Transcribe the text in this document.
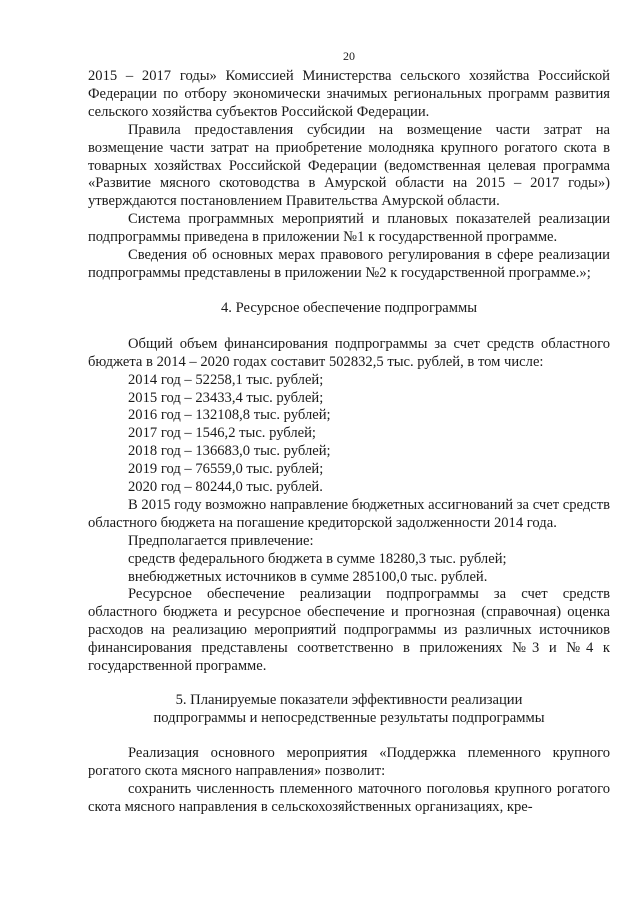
20

2015 – 2017 годы» Комиссией Министерства сельского хозяйства Российской Федерации по отбору экономически значимых региональных программ развития сельского хозяйства субъектов Российской Федерации.

Правила предоставления субсидии на возмещение части затрат на возмещение части затрат на приобретение молодняка крупного рогатого скота в товарных хозяйствах Российской Федерации (ведомственная целевая программа «Развитие мясного скотоводства в Амурской области на 2015 – 2017 годы») утверждаются постановлением Правительства Амурской области.

Система программных мероприятий и плановых показателей реализации подпрограммы приведена в приложении №1 к государственной программе.

Сведения об основных мерах правового регулирования в сфере реализации подпрограммы представлены в приложении №2 к государственной программе.»;

4. Ресурсное обеспечение подпрограммы

Общий объем финансирования подпрограммы за счет средств областного бюджета в 2014 – 2020 годах составит 502832,5 тыс. рублей, в том числе:

2014 год – 52258,1 тыс. рублей;

2015 год – 23433,4 тыс. рублей;

2016 год – 132108,8 тыс. рублей;

2017 год – 1546,2 тыс. рублей;

2018 год – 136683,0 тыс. рублей;

2019 год – 76559,0 тыс. рублей;

2020 год – 80244,0 тыс. рублей.

В 2015 году возможно направление бюджетных ассигнований за счет средств областного бюджета на погашение кредиторской задолженности 2014 года.

Предполагается привлечение:

средств федерального бюджета в сумме 18280,3 тыс. рублей;

внебюджетных источников в сумме 285100,0 тыс. рублей.

Ресурсное обеспечение реализации подпрограммы за счет средств областного бюджета и ресурсное обеспечение и прогнозная (справочная) оценка расходов на реализацию мероприятий подпрограммы из различных источников финансирования представлены соответственно в приложениях №3 и №4 к государственной программе.

5. Планируемые показатели эффективности реализации
подпрограммы и непосредственные результаты подпрограммы

Реализация основного мероприятия «Поддержка племенного крупного рогатого скота мясного направления» позволит:

сохранить численность племенного маточного поголовья крупного рогатого скота мясного направления в сельскохозяйственных организациях, кре-
